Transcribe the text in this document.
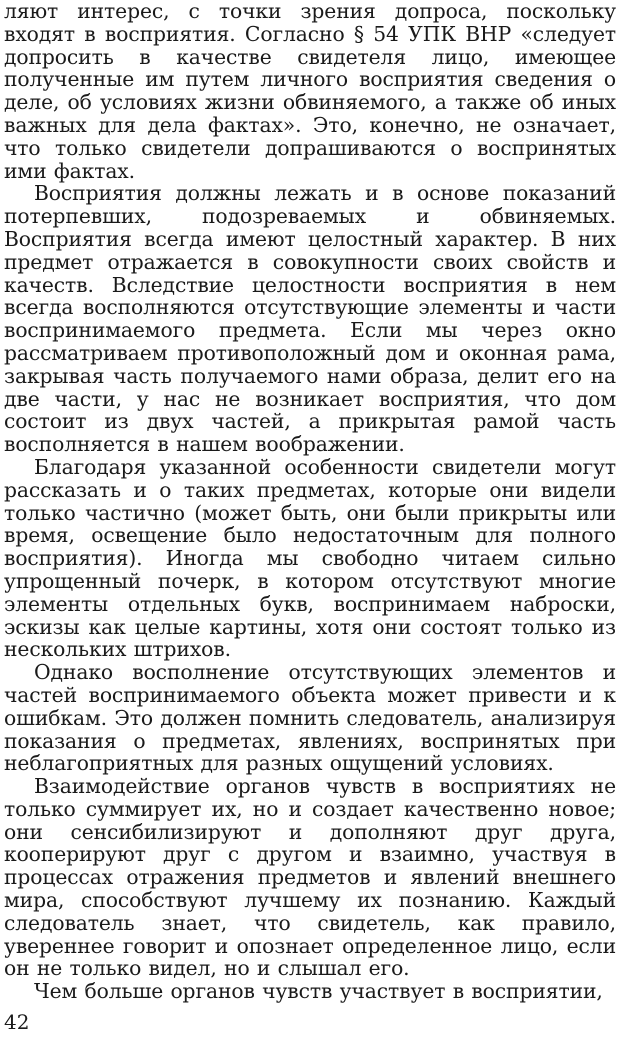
ляют интерес, с точки зрения допроса, поскольку входят в восприятия. Согласно § 54 УПК ВНР «следует допросить в качестве свидетеля лицо, имеющее полученные им путем личного восприятия сведения о деле, об условиях жизни обвиняемого, а также об иных важных для дела фактах». Это, конечно, не означает, что только свидетели допрашиваются о воспринятых ими фактах.

Восприятия должны лежать и в основе показаний потерпевших, подозреваемых и обвиняемых. Восприятия всегда имеют целостный характер. В них предмет отражается в совокупности своих свойств и качеств. Вследствие целостности восприятия в нем всегда восполняются отсутствующие элементы и части воспринимаемого предмета. Если мы через окно рассматриваем противоположный дом и оконная рама, закрывая часть получаемого нами образа, делит его на две части, у нас не возникает восприятия, что дом состоит из двух частей, а прикрытая рамой часть восполняется в нашем воображении.

Благодаря указанной особенности свидетели могут рассказать и о таких предметах, которые они видели только частично (может быть, они были прикрыты или время, освещение было недостаточным для полного восприятия). Иногда мы свободно читаем сильно упрощенный почерк, в котором отсутствуют многие элементы отдельных букв, воспринимаем наброски, эскизы как целые картины, хотя они состоят только из нескольких штрихов.

Однако восполнение отсутствующих элементов и частей воспринимаемого объекта может привести и к ошибкам. Это должен помнить следователь, анализируя показания о предметах, явлениях, воспринятых при неблагоприятных для разных ощущений условиях.

Взаимодействие органов чувств в восприятиях не только суммирует их, но и создает качественно новое; они сенсибилизируют и дополняют друг друга, кооперируют друг с другом и взаимно, участвуя в процессах отражения предметов и явлений внешнего мира, способствуют лучшему их познанию. Каждый следователь знает, что свидетель, как правило, увереннее говорит и опознает определенное лицо, если он не только видел, но и слышал его.

Чем больше органов чувств участвует в восприятии,

42
